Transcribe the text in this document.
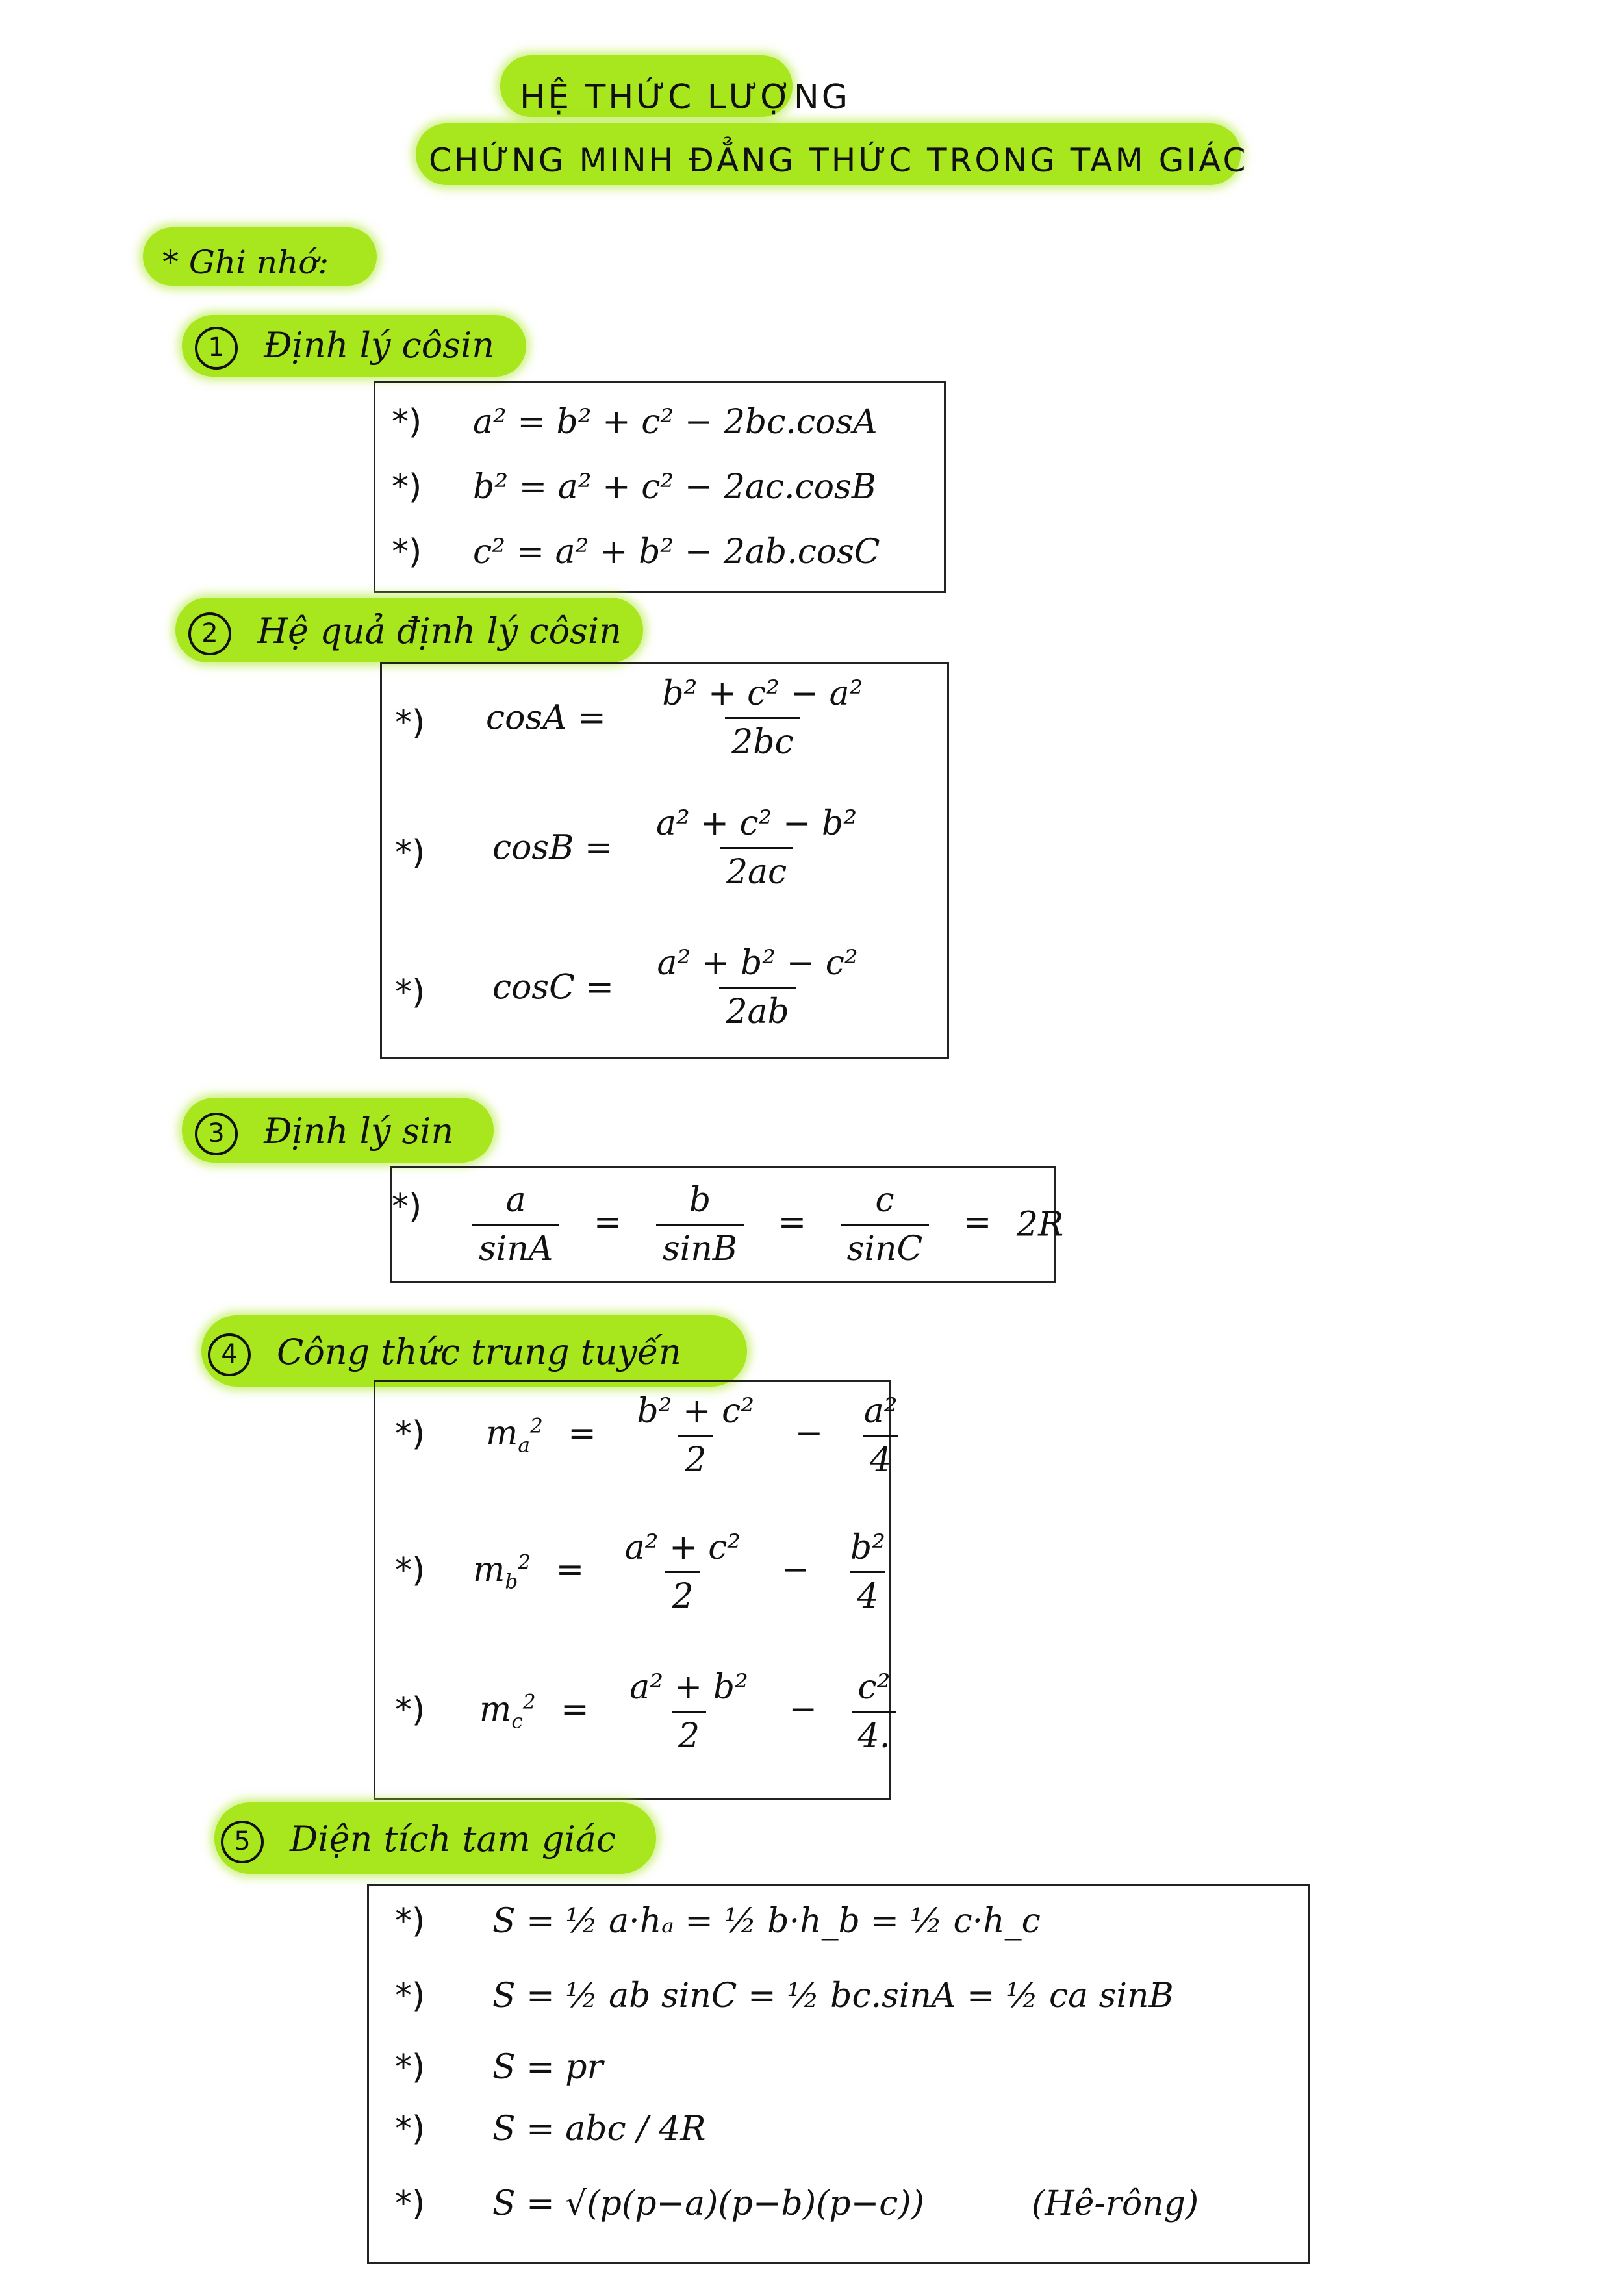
HỆ THỨC LƯỢNG
CHỨNG MINH ĐẲNG THỨC TRONG TAM GIÁC
* Ghi nhớ:
1 Định lý côsin
*) a² = b² + c² − 2bc.cosA
*) b² = a² + c² − 2ac.cosB
*) c² = a² + b² − 2ab.cosC
2 Hệ quả định lý côsin
*) $\cos A = \frac{\text{b² + c² − a²}}{2bc}$
*) $\cos B = \frac{\text{a² + c² − b²}}{2ac}$
*) $\cos C = \frac{\text{a² + b² − c²}}{2ab}$
3 Định lý sin
*) $\frac{a}{\sin A} = \frac{b}{\sin B} = \frac{c}{\sin C} = 2R$
4 Công thức trung tuyến
*) $m_a^2 = \frac{\text{b² + c²}}{2} - \frac{\text{a²}}{4}$
*) $m_b^2 = \frac{\text{a² + c²}}{2} - \frac{\text{b²}}{4}$
*) $m_c^2 = \frac{\text{a² + b²}}{2} - \frac{\text{c²}}{4.}$
5 Diện tích tam giác
*) S = ½ a·hₐ = ½ b·h_b = ½ c·h_c
*) S = ½ ab sinC = ½ bc.sinA = ½ ca sinB
*) S = pr
*) S = abc / 4R
*) S = √(p(p−a)(p−b)(p−c))	(Hê-rông)
